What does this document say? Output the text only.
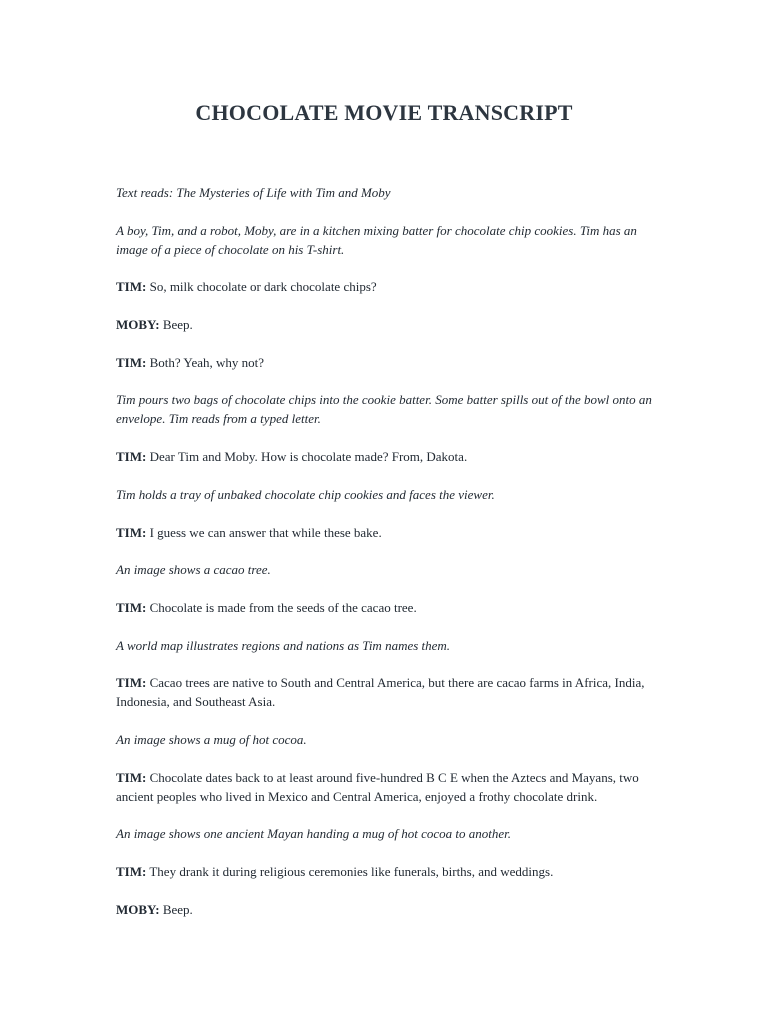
CHOCOLATE MOVIE TRANSCRIPT

Text reads: The Mysteries of Life with Tim and Moby

A boy, Tim, and a robot, Moby, are in a kitchen mixing batter for chocolate chip cookies. Tim has an image of a piece of chocolate on his T-shirt.

TIM: So, milk chocolate or dark chocolate chips?

MOBY: Beep.

TIM: Both? Yeah, why not?

Tim pours two bags of chocolate chips into the cookie batter. Some batter spills out of the bowl onto an envelope. Tim reads from a typed letter.

TIM: Dear Tim and Moby. How is chocolate made? From, Dakota.

Tim holds a tray of unbaked chocolate chip cookies and faces the viewer.

TIM: I guess we can answer that while these bake.

An image shows a cacao tree.

TIM: Chocolate is made from the seeds of the cacao tree.

A world map illustrates regions and nations as Tim names them.

TIM: Cacao trees are native to South and Central America, but there are cacao farms in Africa, India, Indonesia, and Southeast Asia.

An image shows a mug of hot cocoa.

TIM: Chocolate dates back to at least around five-hundred B C E when the Aztecs and Mayans, two ancient peoples who lived in Mexico and Central America, enjoyed a frothy chocolate drink.

An image shows one ancient Mayan handing a mug of hot cocoa to another.

TIM: They drank it during religious ceremonies like funerals, births, and weddings.

MOBY: Beep.
